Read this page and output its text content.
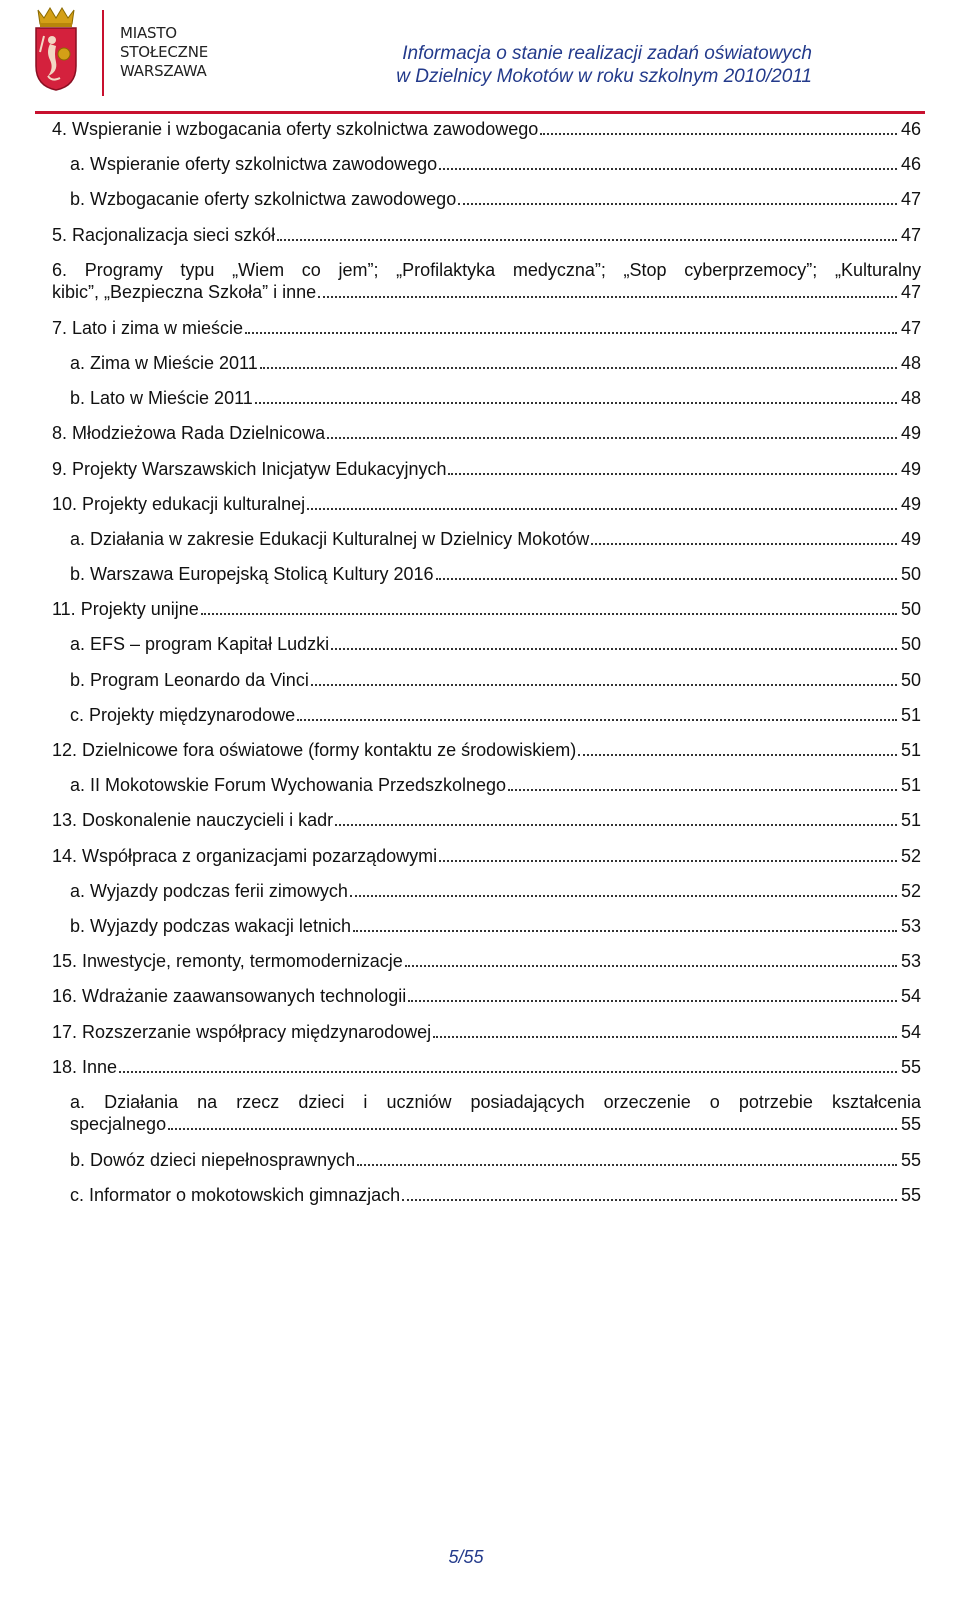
MIASTO
STOŁECZNE
WARSZAWA
Informacja o stanie realizacji zadań oświatowych
w Dzielnicy Mokotów w roku szkolnym 2010/2011
4. Wspieranie i wzbogacania oferty szkolnictwa zawodowego	46
a. Wspieranie oferty szkolnictwa zawodowego	46
b. Wzbogacanie oferty szkolnictwa zawodowego	47
5. Racjonalizacja sieci szkół	47
6. Programy typu „Wiem co jem”; „Profilaktyka medyczna”; „Stop cyberprzemocy”; „Kulturalny
kibic”, „Bezpieczna Szkoła” i inne	47
7. Lato i zima w mieście	47
a. Zima w Mieście 2011	48
b. Lato w Mieście 2011	48
8. Młodzieżowa Rada Dzielnicowa	49
9. Projekty Warszawskich Inicjatyw Edukacyjnych	49
10. Projekty edukacji kulturalnej	49
a. Działania w zakresie Edukacji Kulturalnej w Dzielnicy Mokotów	49
b. Warszawa Europejską Stolicą Kultury 2016	50
11. Projekty unijne	50
a. EFS – program Kapitał Ludzki	50
b. Program Leonardo da Vinci	50
c. Projekty międzynarodowe	51
12. Dzielnicowe fora oświatowe (formy kontaktu ze środowiskiem)	51
a. II Mokotowskie Forum Wychowania Przedszkolnego	51
13. Doskonalenie nauczycieli i kadr	51
14. Współpraca z organizacjami pozarządowymi	52
a. Wyjazdy podczas ferii zimowych	52
b. Wyjazdy podczas wakacji letnich	53
15. Inwestycje, remonty, termomodernizacje	53
16. Wdrażanie zaawansowanych technologii	54
17. Rozszerzanie współpracy międzynarodowej	54
18. Inne	55
a. Działania na rzecz dzieci i uczniów posiadających orzeczenie o potrzebie kształcenia
specjalnego	55
b. Dowóz dzieci niepełnosprawnych	55
c. Informator o mokotowskich gimnazjach	55
5/55
